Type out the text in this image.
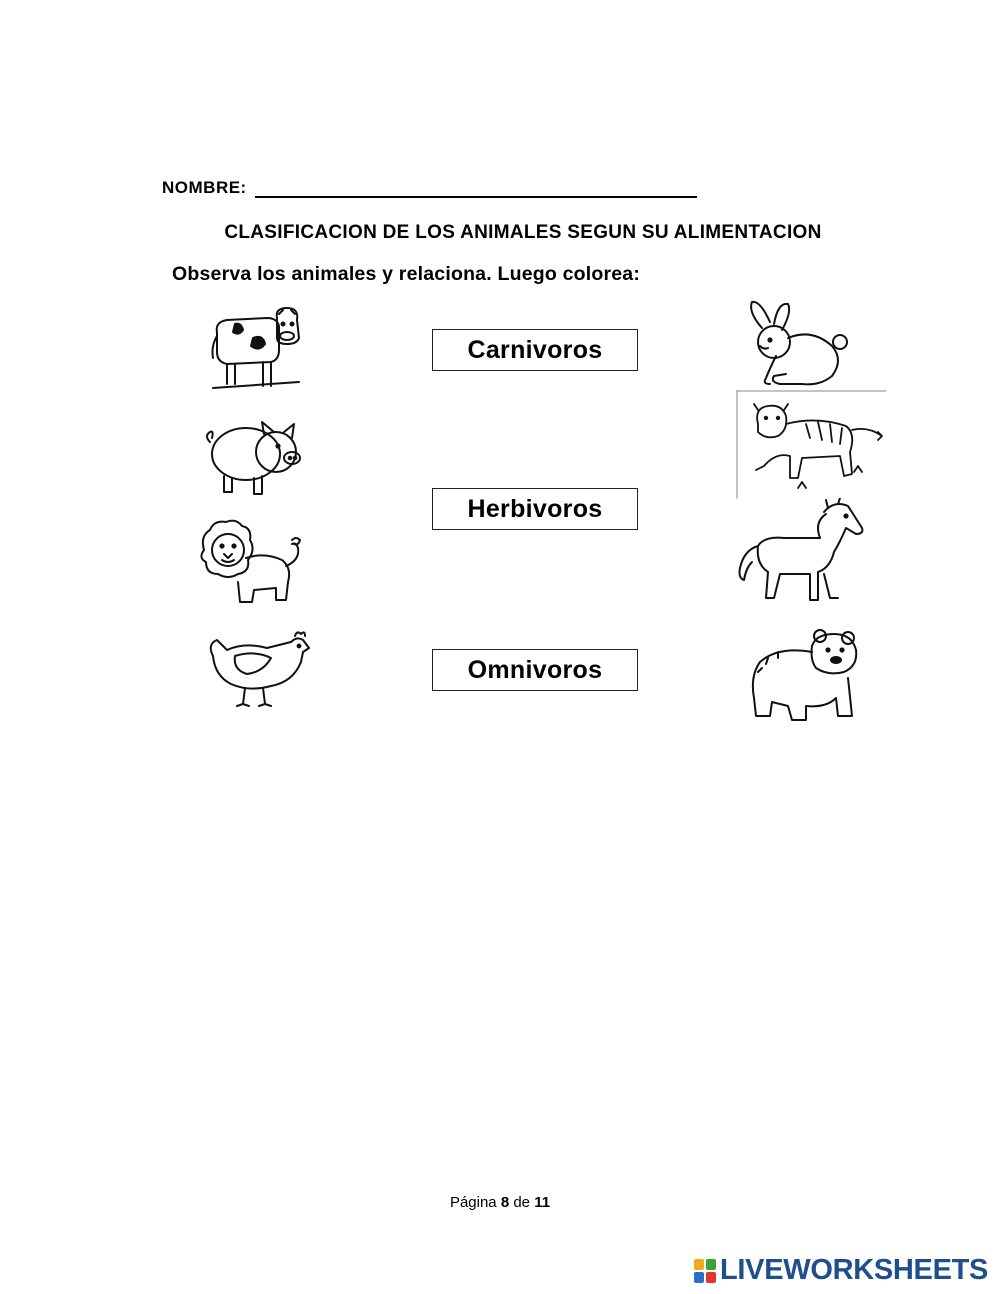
NOMBRE:
CLASIFICACION DE LOS ANIMALES SEGUN SU ALIMENTACION
Observa los animales y relaciona. Luego colorea:
Carnivoros
Herbivoros
Omnivoros
Página 8 de 11
LIVEWORKSHEETS
